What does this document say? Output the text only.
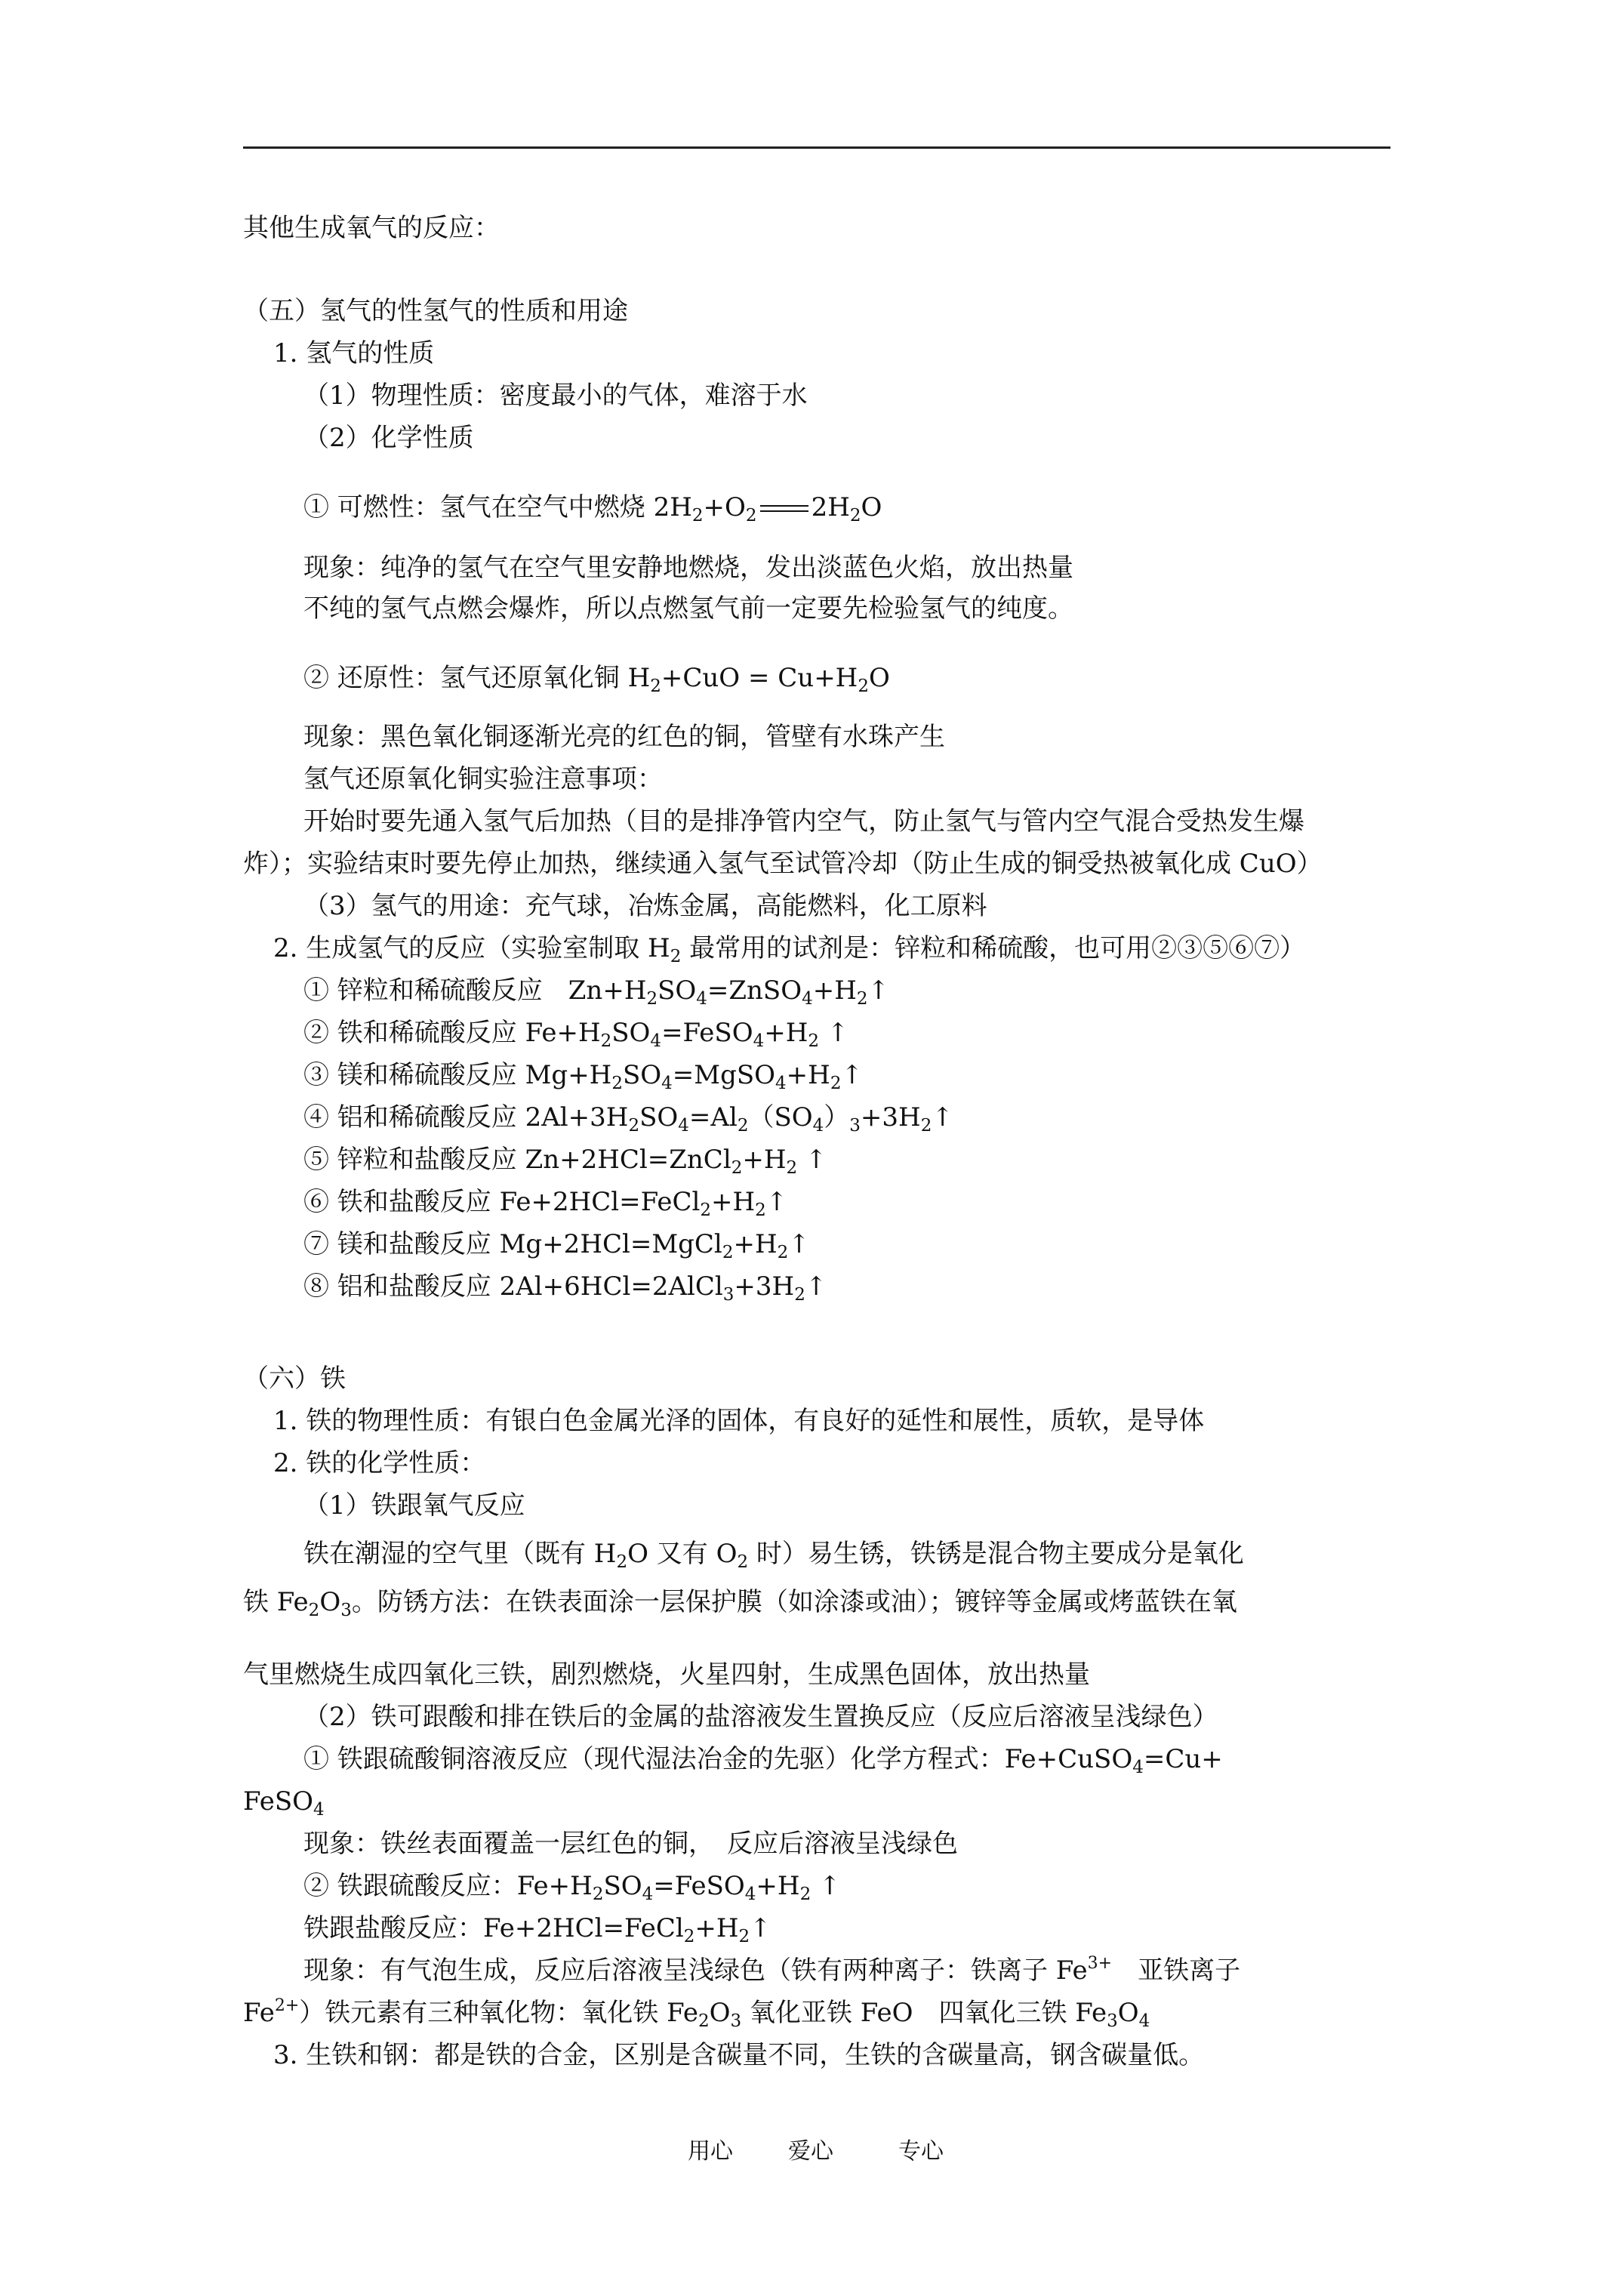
其他生成氧气的反应：
（五）氢气的性氢气的性质和用途
1. 氢气的性质
（1）物理性质：密度最小的气体，难溶于水
（2）化学性质
① 可燃性：氢气在空气中燃烧 $2H_2+O_2$ $2H_2O$
现象：纯净的氢气在空气里安静地燃烧，发出淡蓝色火焰，放出热量
不纯的氢气点燃会爆炸，所以点燃氢气前一定要先检验氢气的纯度。
② 还原性：氢气还原氧化铜 $H_2+CuO = Cu+H_2O$
现象：黑色氧化铜逐渐光亮的红色的铜，管壁有水珠产生
氢气还原氧化铜实验注意事项：
开始时要先通入氢气后加热（目的是排净管内空气，防止氢气与管内空气混合受热发生爆
炸）；实验结束时要先停止加热，继续通入氢气至试管冷却（防止生成的铜受热被氧化成 CuO）
（3）氢气的用途：充气球，冶炼金属，高能燃料，化工原料
2. 生成氢气的反应（实验室制取 $H_2$ 最常用的试剂是：锌粒和稀硫酸，也可用②③⑤⑥⑦）
① 锌粒和稀硫酸反应　$Zn+H_2SO_4=ZnSO_4+H_2↑$
② 铁和稀硫酸反应 $Fe+H_2SO_4=FeSO_4+H_2$ ↑
③ 镁和稀硫酸反应 $Mg+H_2SO_4=MgSO_4+H_2↑$
④ 铝和稀硫酸反应 $2Al+3H_2SO_4=Al_2(SO_4)_3+3H_2↑$
⑤ 锌粒和盐酸反应 $Zn+2HCl=ZnCl_2+H_2$ ↑
⑥ 铁和盐酸反应 $Fe+2HCl=FeCl_2+H_2↑$
⑦ 镁和盐酸反应 $Mg+2HCl=MgCl_2+H_2↑$
⑧ 铝和盐酸反应 $2Al+6HCl=2AlCl_3+3H_2↑$
（六）铁
1. 铁的物理性质：有银白色金属光泽的固体，有良好的延性和展性，质软，是导体
2. 铁的化学性质：
（1）铁跟氧气反应
铁在潮湿的空气里（既有 $H_2O$ 又有 $O_2$ 时）易生锈，铁锈是混合物主要成分是氧化
铁 $Fe_2O_3$。防锈方法：在铁表面涂一层保护膜（如涂漆或油）；镀锌等金属或烤蓝铁在氧
气里燃烧生成四氧化三铁，剧烈燃烧，火星四射，生成黑色固体，放出热量
（2）铁可跟酸和排在铁后的金属的盐溶液发生置换反应（反应后溶液呈浅绿色）
① 铁跟硫酸铜溶液反应（现代湿法冶金的先驱）化学方程式：Fe+CuSO$_4$=Cu+
FeSO$_4$
现象：铁丝表面覆盖一层红色的铜，　反应后溶液呈浅绿色
② 铁跟硫酸反应：$Fe+H_2SO_4=FeSO_4+H_2$ ↑
铁跟盐酸反应：$Fe+2HCl=FeCl_2+H_2↑$
现象：有气泡生成，反应后溶液呈浅绿色（铁有两种离子：铁离子 $Fe^{3+}$　亚铁离子
$Fe^{2+}$）铁元素有三种氧化物：氧化铁 $Fe_2O_3$ 氧化亚铁 FeO　四氧化三铁 $Fe_3O_4$
3. 生铁和钢：都是铁的合金，区别是含碳量不同，生铁的含碳量高，钢含碳量低。
用心 爱心	专心
